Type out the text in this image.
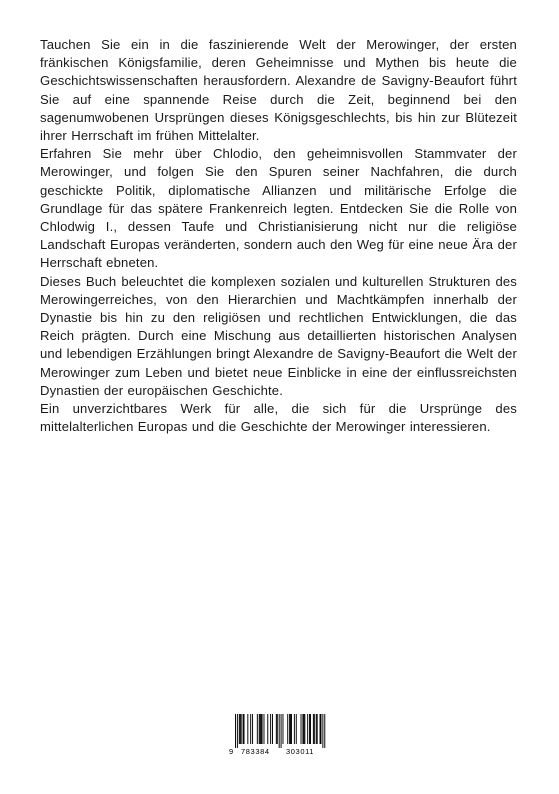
Tauchen Sie ein in die faszinierende Welt der Merowinger, der ersten fränkischen Königsfamilie, deren Geheimnisse und Mythen bis heute die Geschichtswissenschaften herausfordern. Alexandre de Savigny-Beaufort führt Sie auf eine spannende Reise durch die Zeit, beginnend bei den sagenumwobenen Ursprüngen dieses Königsgeschlechts, bis hin zur Blütezeit ihrer Herrschaft im frühen Mittelalter.

Erfahren Sie mehr über Chlodio, den geheimnisvollen Stammvater der Merowinger, und folgen Sie den Spuren seiner Nachfahren, die durch geschickte Politik, diplomatische Allianzen und militärische Erfolge die Grundlage für das spätere Frankenreich legten. Entdecken Sie die Rolle von Chlodwig I., dessen Taufe und Christianisierung nicht nur die religiöse Landschaft Europas veränderten, sondern auch den Weg für eine neue Ära der Herrschaft ebneten.

Dieses Buch beleuchtet die komplexen sozialen und kulturellen Strukturen des Merowingerreiches, von den Hierarchien und Machtkämpfen innerhalb der Dynastie bis hin zu den religiösen und rechtlichen Entwicklungen, die das Reich prägten. Durch eine Mischung aus detaillierten historischen Analysen und lebendigen Erzählungen bringt Alexandre de Savigny-Beaufort die Welt der Merowinger zum Leben und bietet neue Einblicke in eine der einflussreichsten Dynastien der europäischen Geschichte.

Ein unverzichtbares Werk für alle, die sich für die Ursprünge des mittelalterlichen Europas und die Geschichte der Merowinger interessieren.

9 783384 303011
